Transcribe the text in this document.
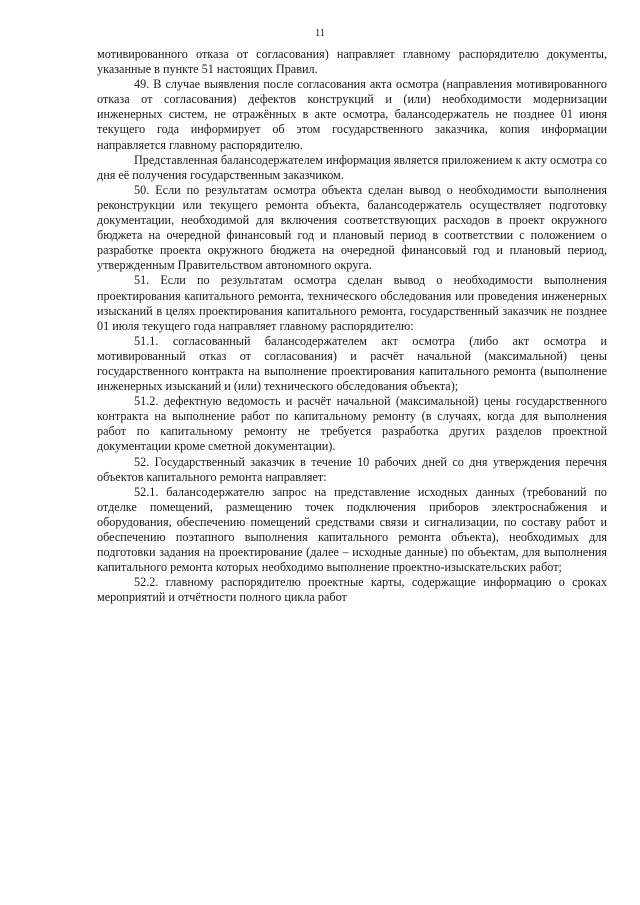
11

мотивированного отказа от согласования) направляет главному распорядителю документы, указанные в пункте 51 настоящих Правил.

49. В случае выявления после согласования акта осмотра (направления мотивированного отказа от согласования) дефектов конструкций и (или) необходимости модернизации инженерных систем, не отражённых в акте осмотра, балансодержатель не позднее 01 июня текущего года информирует об этом государственного заказчика, копия информации направляется главному распорядителю.

Представленная балансодержателем информация является приложением к акту осмотра со дня её получения государственным заказчиком.

50. Если по результатам осмотра объекта сделан вывод о необходимости выполнения реконструкции или текущего ремонта объекта, балансодержатель осуществляет подготовку документации, необходимой для включения соответствующих расходов в проект окружного бюджета на очередной финансовый год и плановый период в соответствии с положением о разработке проекта окружного бюджета на очередной финансовый год и плановый период, утвержденным Правительством автономного округа.

51. Если по результатам осмотра сделан вывод о необходимости выполнения проектирования капитального ремонта, технического обследования или проведения инженерных изысканий в целях проектирования капитального ремонта, государственный заказчик не позднее 01 июля текущего года направляет главному распорядителю:

51.1. согласованный балансодержателем акт осмотра (либо акт осмотра и мотивированный отказ от согласования) и расчёт начальной (максимальной) цены государственного контракта на выполнение проектирования капитального ремонта (выполнение инженерных изысканий и (или) технического обследования объекта);

51.2. дефектную ведомость и расчёт начальной (максимальной) цены государственного контракта на выполнение работ по капитальному ремонту (в случаях, когда для выполнения работ по капитальному ремонту не требуется разработка других разделов проектной документации кроме сметной документации).

52. Государственный заказчик в течение 10 рабочих дней со дня утверждения перечня объектов капитального ремонта направляет:

52.1. балансодержателю запрос на представление исходных данных (требований по отделке помещений, размещению точек подключения приборов электроснабжения и оборудования, обеспечению помещений средствами связи и сигнализации, по составу работ и обеспечению поэтапного выполнения капитального ремонта объекта), необходимых для подготовки задания на проектирование (далее – исходные данные) по объектам, для выполнения капитального ремонта которых необходимо выполнение проектно-изыскательских работ;

52.2. главному распорядителю проектные карты, содержащие информацию о сроках мероприятий и отчётности полного цикла работ
